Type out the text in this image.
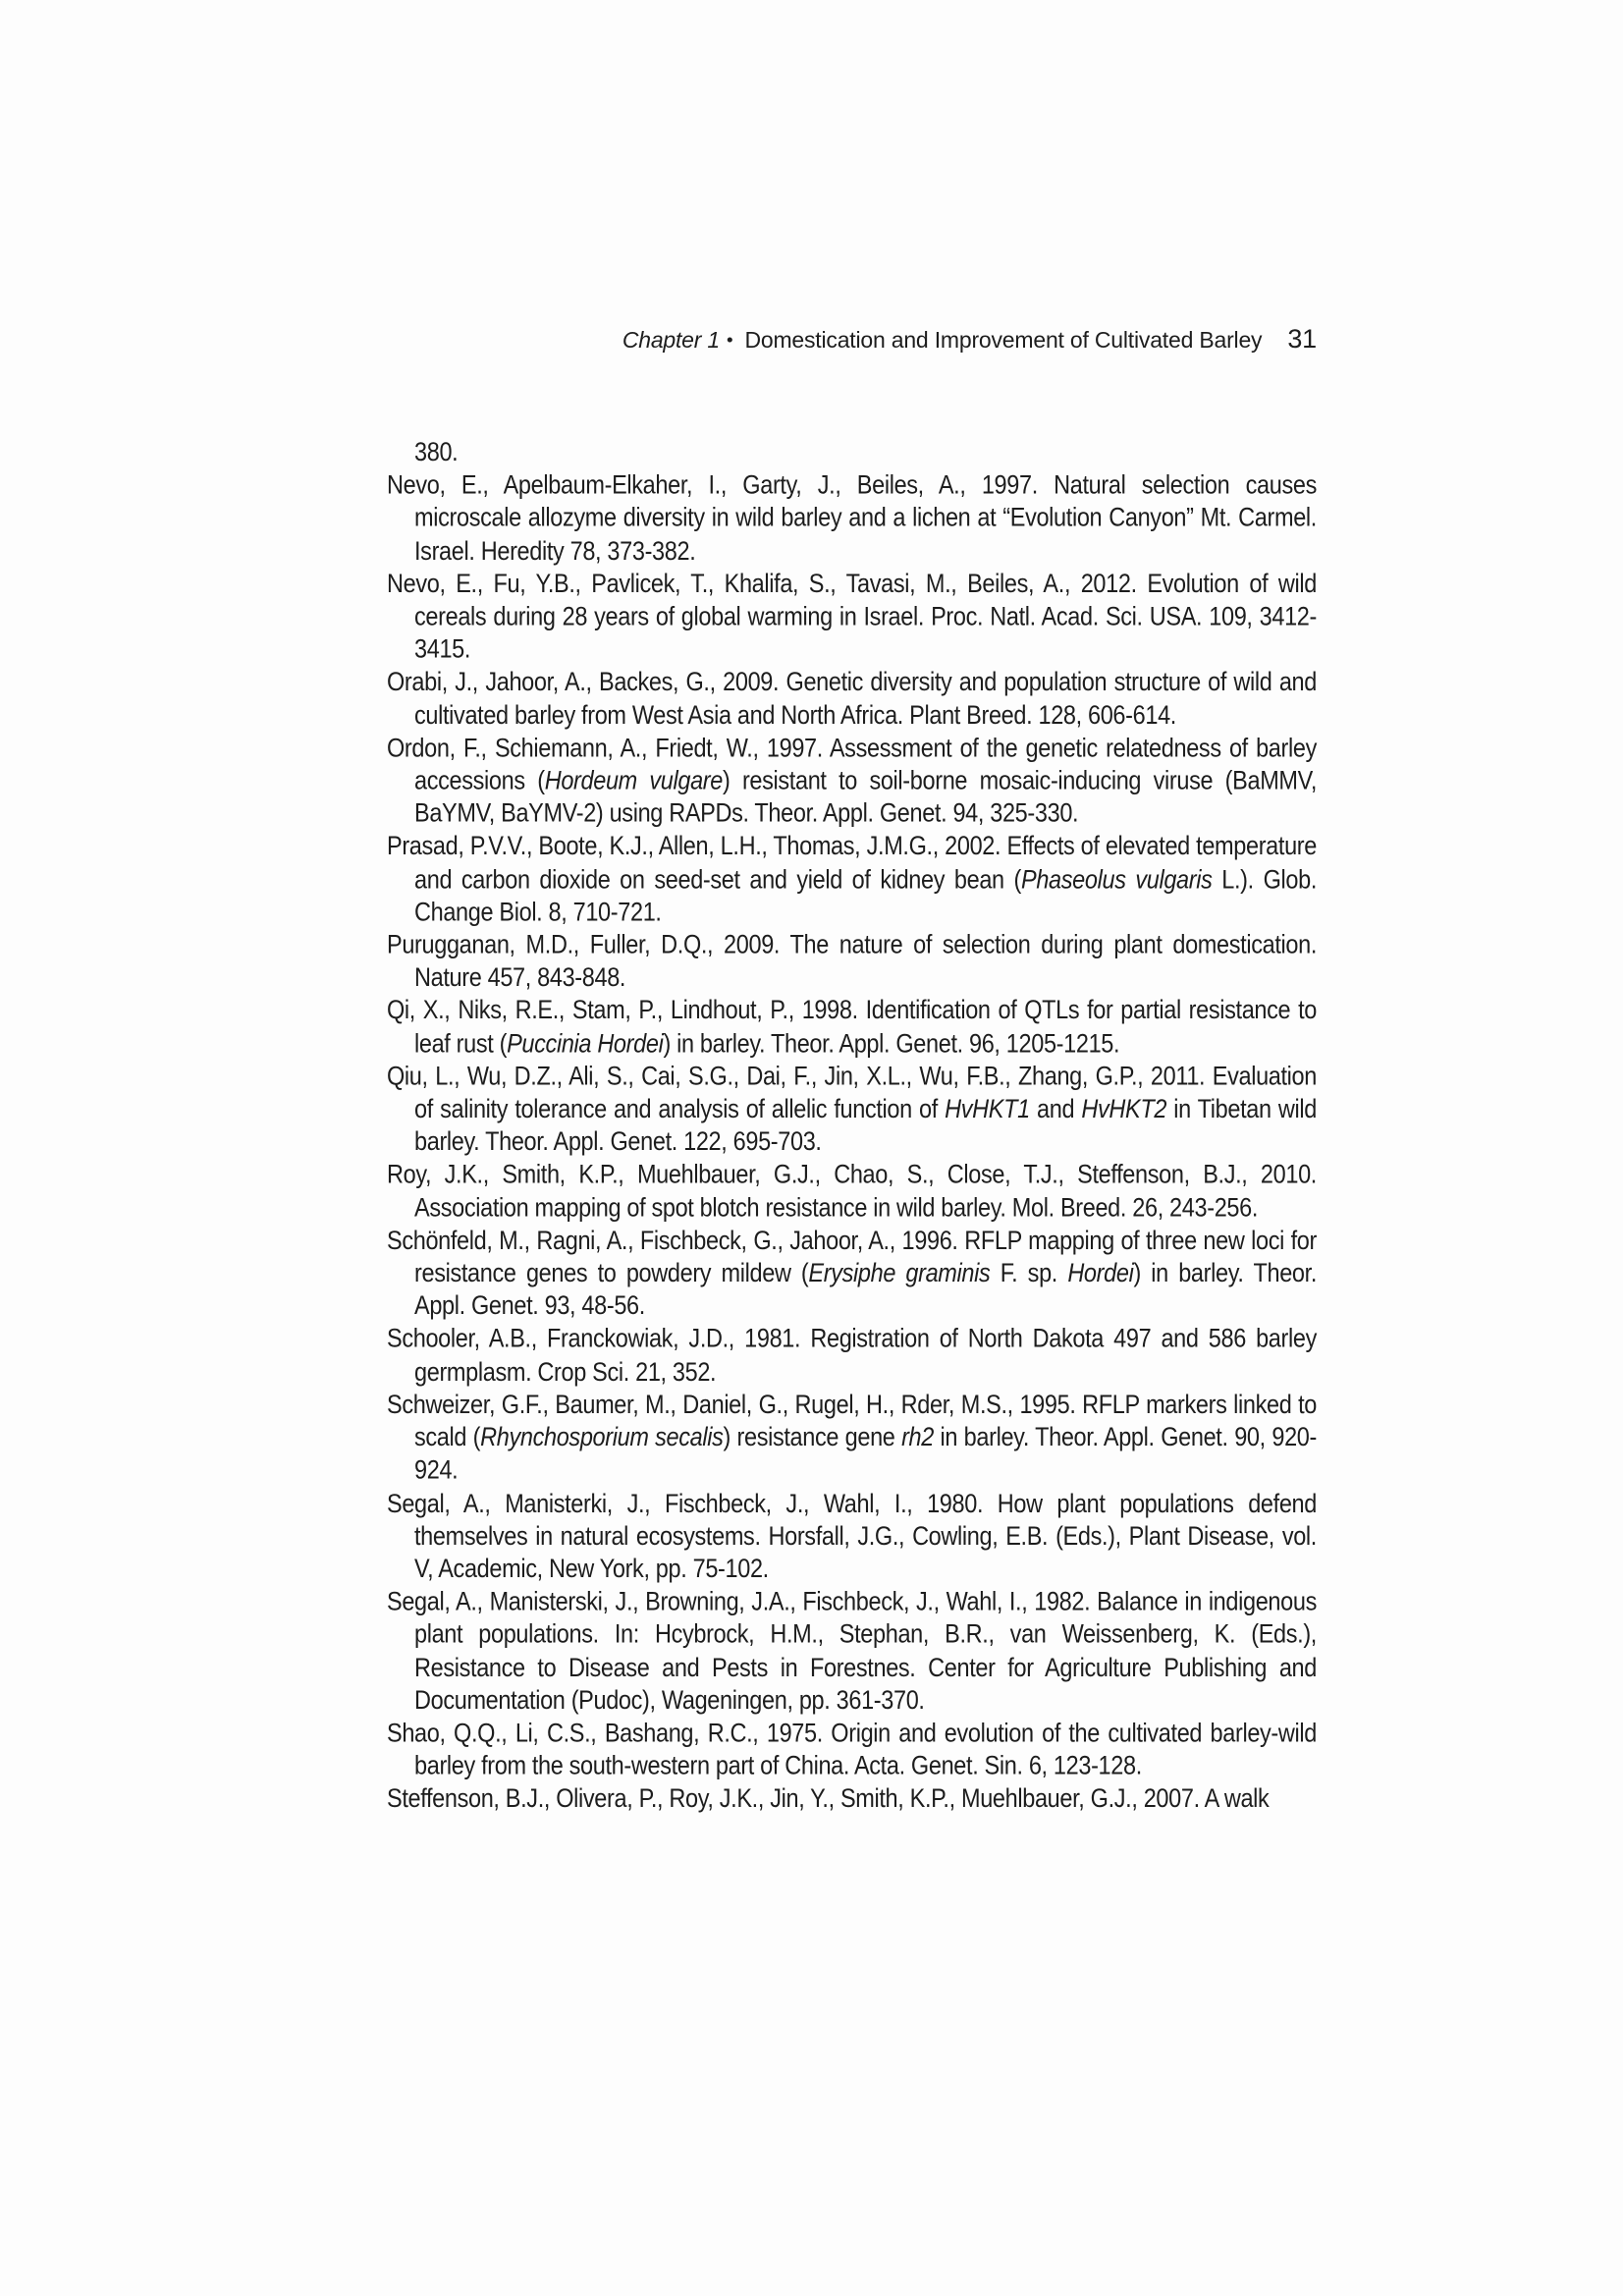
Chapter 1 • Domestication and Improvement of Cultivated Barley 31

380.

Nevo, E., Apelbaum-Elkaher, I., Garty, J., Beiles, A., 1997. Natural selection causes microscale allozyme diversity in wild barley and a lichen at “Evolution Canyon” Mt. Carmel. Israel. Heredity 78, 373-382.

Nevo, E., Fu, Y.B., Pavlicek, T., Khalifa, S., Tavasi, M., Beiles, A., 2012. Evolution of wild cereals during 28 years of global warming in Israel. Proc. Natl. Acad. Sci. USA. 109, 3412-3415.

Orabi, J., Jahoor, A., Backes, G., 2009. Genetic diversity and population structure of wild and cultivated barley from West Asia and North Africa. Plant Breed. 128, 606-614.

Ordon, F., Schiemann, A., Friedt, W., 1997. Assessment of the genetic relatedness of barley accessions (Hordeum vulgare) resistant to soil-borne mosaic-inducing viruse (BaMMV, BaYMV, BaYMV-2) using RAPDs. Theor. Appl. Genet. 94, 325-330.

Prasad, P.V.V., Boote, K.J., Allen, L.H., Thomas, J.M.G., 2002. Effects of elevated temperature and carbon dioxide on seed-set and yield of kidney bean (Phaseolus vulgaris L.). Glob. Change Biol. 8, 710-721.

Purugganan, M.D., Fuller, D.Q., 2009. The nature of selection during plant domestication. Nature 457, 843-848.

Qi, X., Niks, R.E., Stam, P., Lindhout, P., 1998. Identification of QTLs for partial resistance to leaf rust (Puccinia Hordei) in barley. Theor. Appl. Genet. 96, 1205-1215.

Qiu, L., Wu, D.Z., Ali, S., Cai, S.G., Dai, F., Jin, X.L., Wu, F.B., Zhang, G.P., 2011. Evaluation of salinity tolerance and analysis of allelic function of HvHKT1 and HvHKT2 in Tibetan wild barley. Theor. Appl. Genet. 122, 695-703.

Roy, J.K., Smith, K.P., Muehlbauer, G.J., Chao, S., Close, T.J., Steffenson, B.J., 2010. Association mapping of spot blotch resistance in wild barley. Mol. Breed. 26, 243-256.

Schönfeld, M., Ragni, A., Fischbeck, G., Jahoor, A., 1996. RFLP mapping of three new loci for resistance genes to powdery mildew (Erysiphe graminis F. sp. Hordei) in barley. Theor. Appl. Genet. 93, 48-56.

Schooler, A.B., Franckowiak, J.D., 1981. Registration of North Dakota 497 and 586 barley germplasm. Crop Sci. 21, 352.

Schweizer, G.F., Baumer, M., Daniel, G., Rugel, H., Rder, M.S., 1995. RFLP markers linked to scald (Rhynchosporium secalis) resistance gene rh2 in barley. Theor. Appl. Genet. 90, 920-924.

Segal, A., Manisterki, J., Fischbeck, J., Wahl, I., 1980. How plant populations defend themselves in natural ecosystems. Horsfall, J.G., Cowling, E.B. (Eds.), Plant Disease, vol. V, Academic, New York, pp. 75-102.

Segal, A., Manisterski, J., Browning, J.A., Fischbeck, J., Wahl, I., 1982. Balance in indigenous plant populations. In: Hcybrock, H.M., Stephan, B.R., van Weissenberg, K. (Eds.), Resistance to Disease and Pests in Forestnes. Center for Agriculture Publishing and Documentation (Pudoc), Wageningen, pp. 361-370.

Shao, Q.Q., Li, C.S., Bashang, R.C., 1975. Origin and evolution of the cultivated barley-wild barley from the south-western part of China. Acta. Genet. Sin. 6, 123-128.

Steffenson, B.J., Olivera, P., Roy, J.K., Jin, Y., Smith, K.P., Muehlbauer, G.J., 2007. A walk
